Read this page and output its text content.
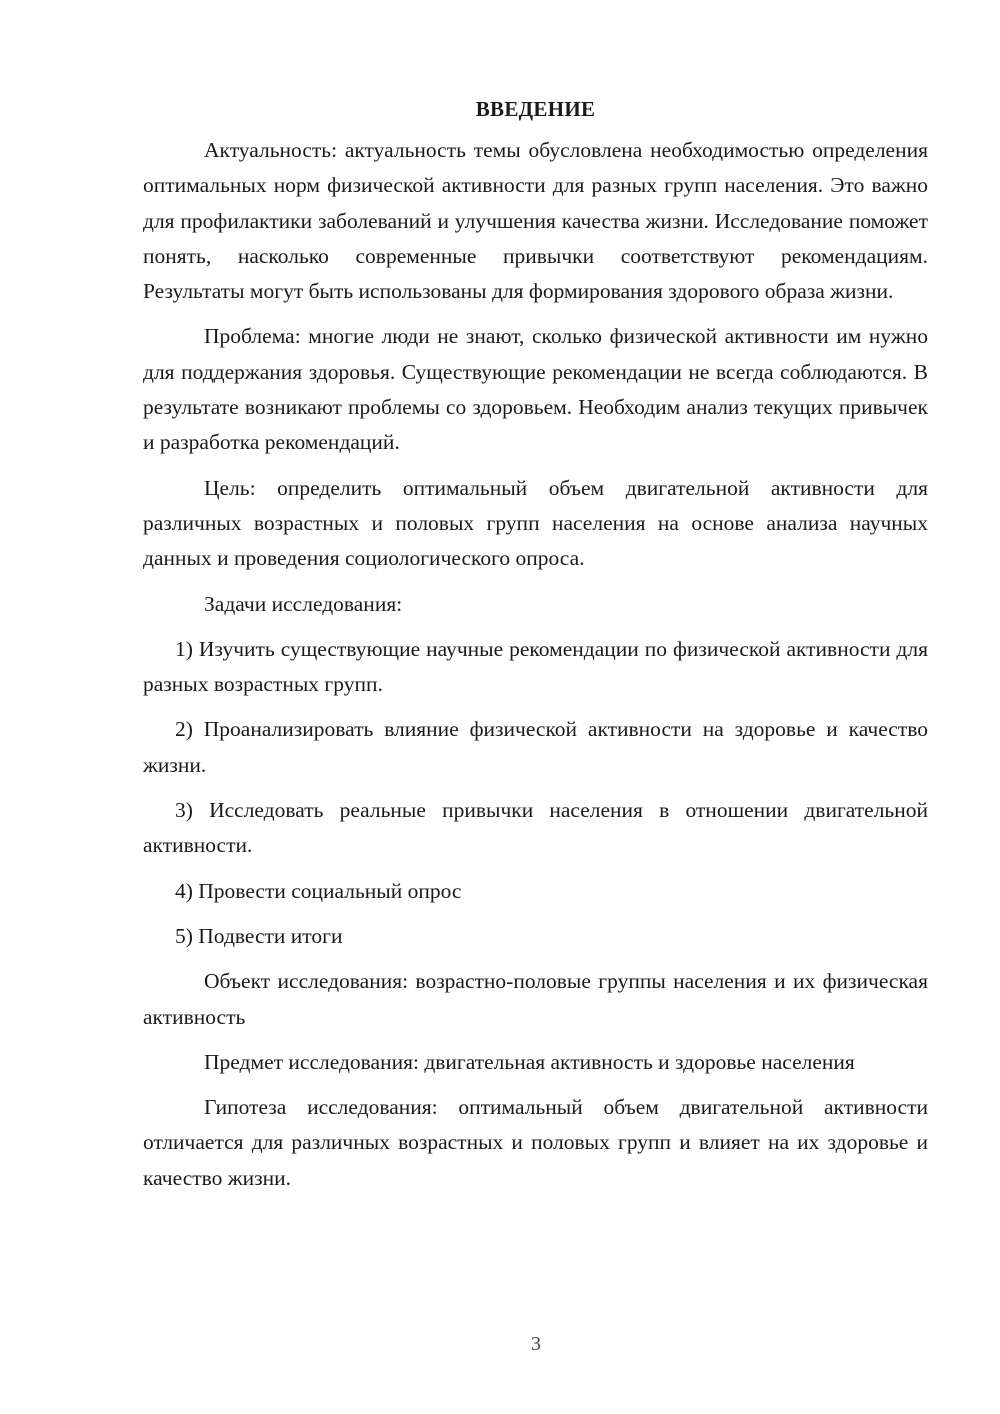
ВВЕДЕНИЕ

Актуальность: актуальность темы обусловлена необходимостью определения оптимальных норм физической активности для разных групп населения. Это важно для профилактики заболеваний и улучшения качества жизни. Исследование поможет понять, насколько современные привычки соответствуют рекомендациям. Результаты могут быть использованы для формирования здорового образа жизни.

Проблема: многие люди не знают, сколько физической активности им нужно для поддержания здоровья. Существующие рекомендации не всегда соблюдаются. В результате возникают проблемы со здоровьем. Необходим анализ текущих привычек и разработка рекомендаций.

Цель: определить оптимальный объем двигательной активности для различных возрастных и половых групп населения на основе анализа научных данных и проведения социологического опроса.

Задачи исследования:

1) Изучить существующие научные рекомендации по физической активности для разных возрастных групп.

2) Проанализировать влияние физической активности на здоровье и качество жизни.

3) Исследовать реальные привычки населения в отношении двигательной активности.

4) Провести социальный опрос

5) Подвести итоги

Объект исследования: возрастно-половые группы населения и их физическая активность

Предмет исследования: двигательная активность и здоровье населения

Гипотеза исследования: оптимальный объем двигательной активности отличается для различных возрастных и половых групп и влияет на их здоровье и качество жизни.

3
